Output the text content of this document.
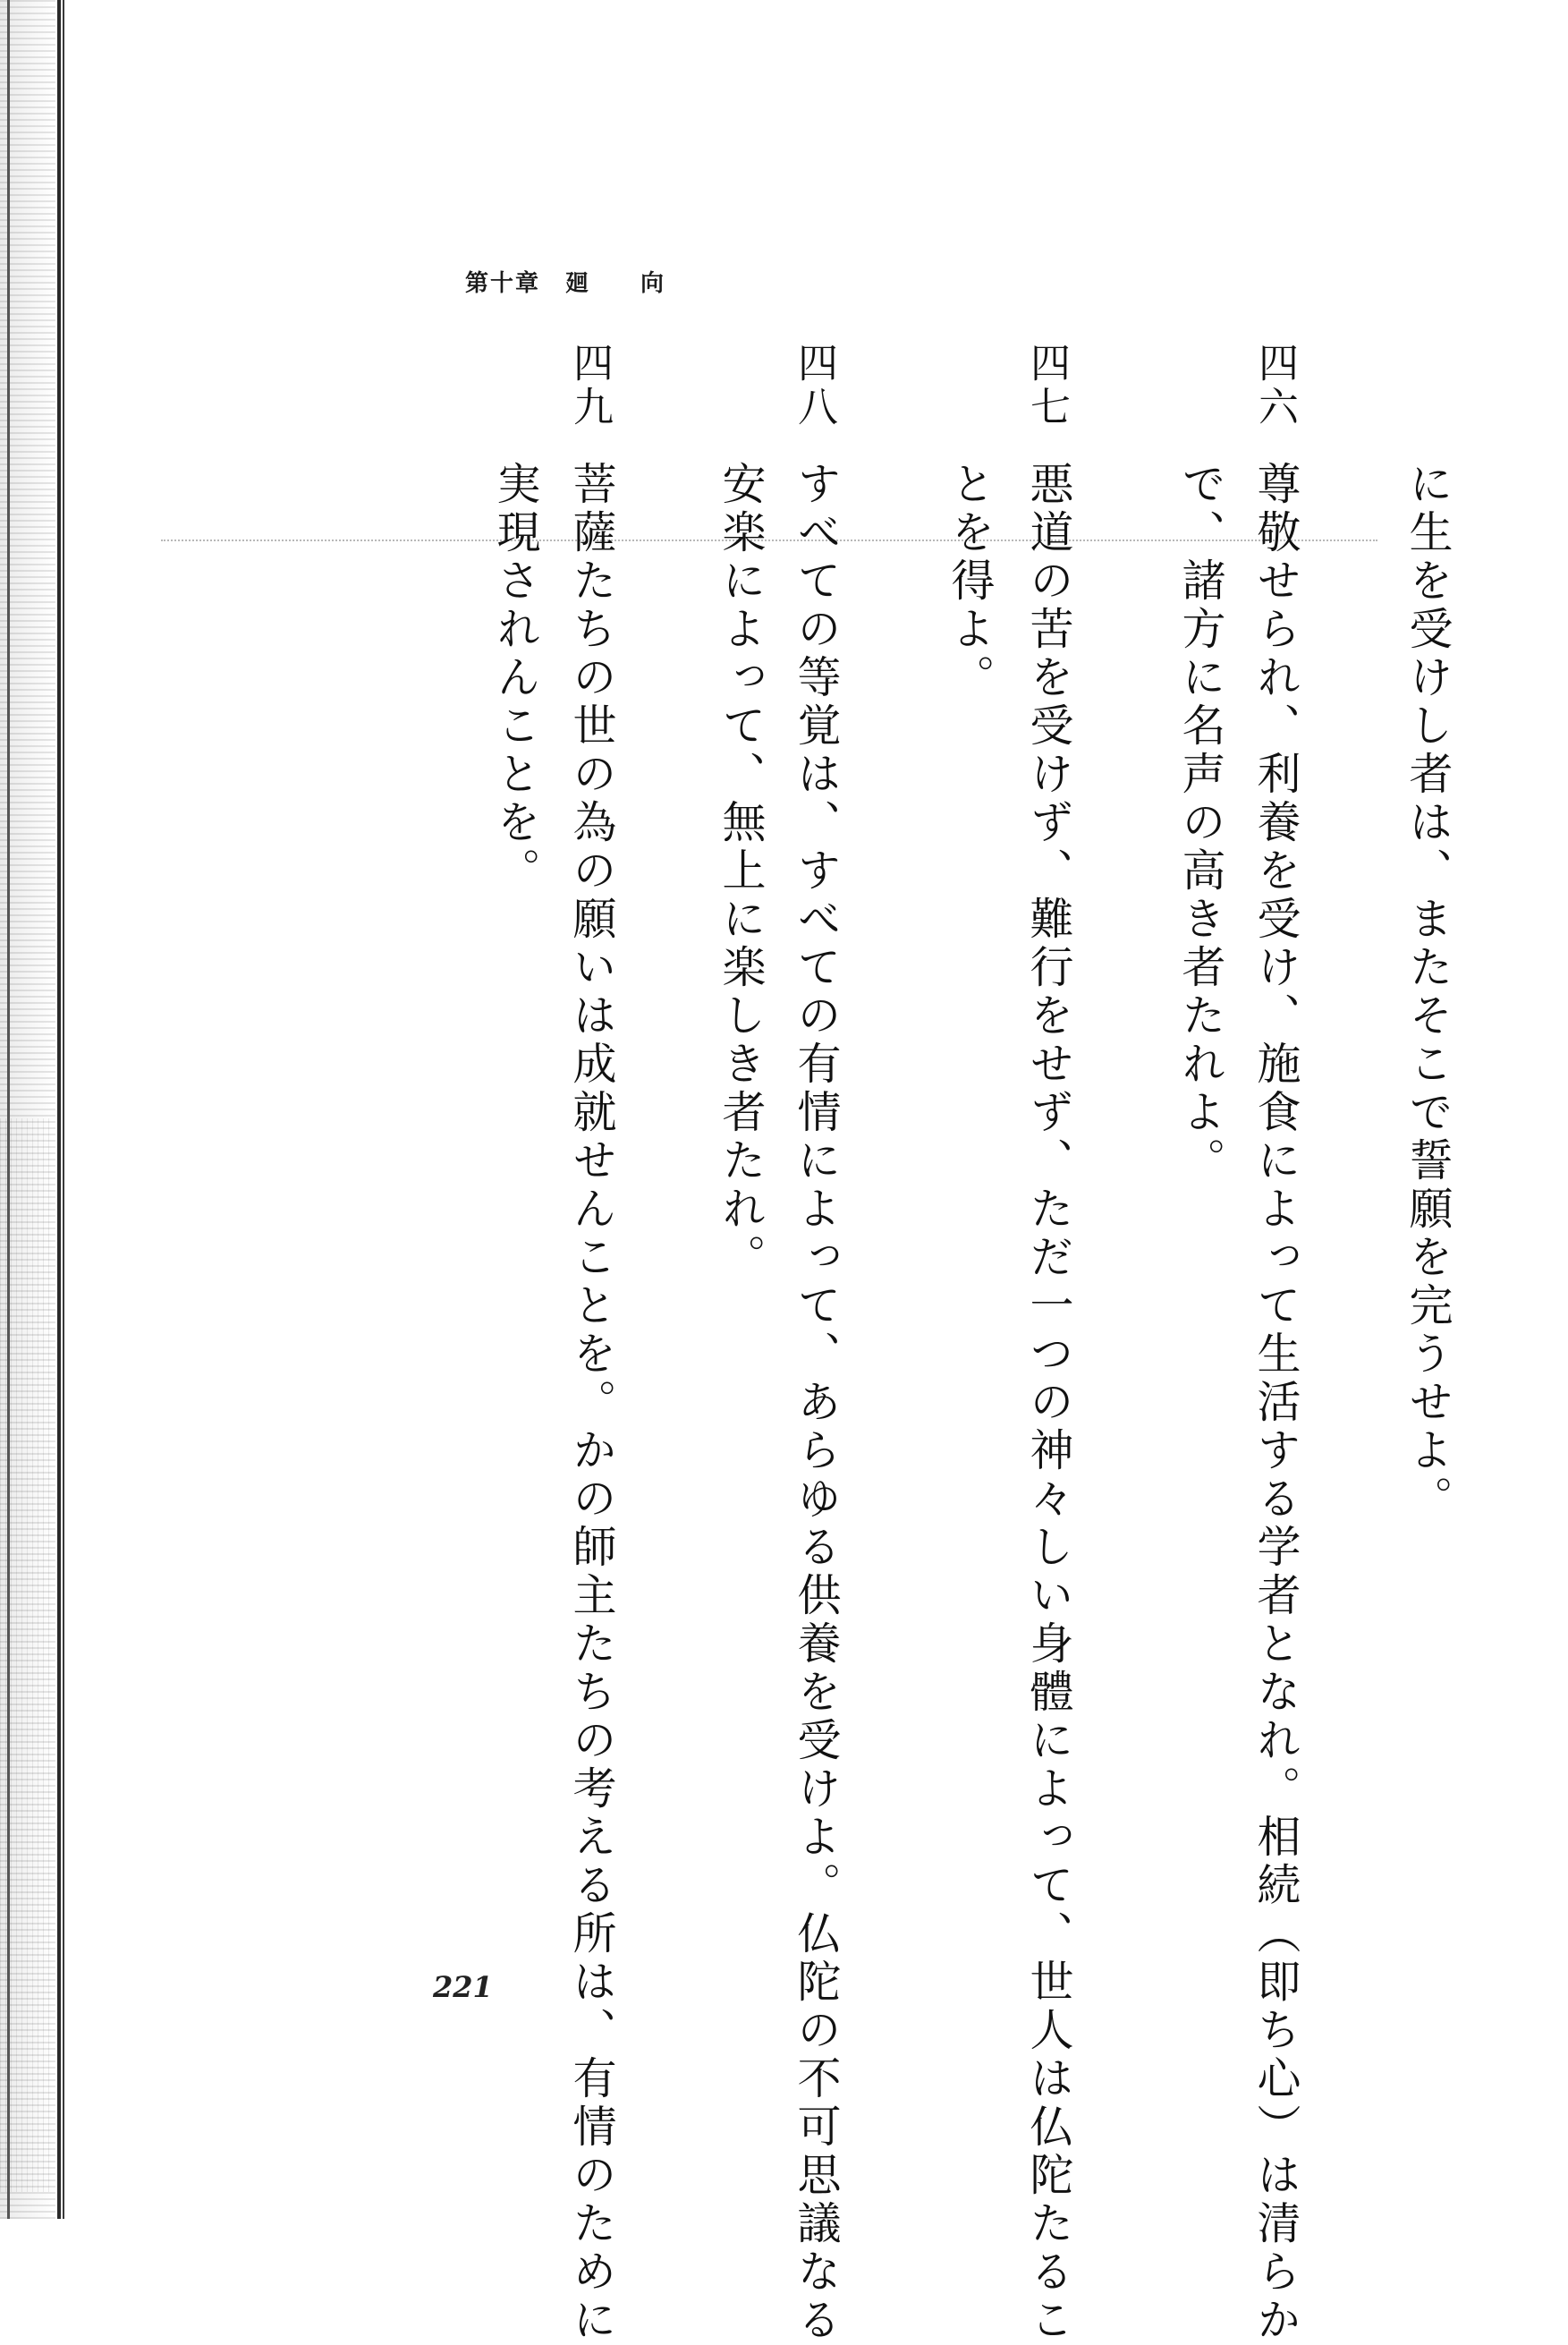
第十章　廻　　向
に生を受けし者は、またそこで誓願を完うせよ。
四六
尊敬せられ、利養を受け、施食によって生活する学者となれ。相続（即ち心）は清らか
で、諸方に名声の高き者たれよ。
四七
悪道の苦を受けず、難行をせず、ただ一つの神々しい身體によって、世人は仏陀たるこ
とを得よ。
四八
すべての等覚は、すべての有情によって、あらゆる供養を受けよ。仏陀の不可思議なる
安楽によって、無上に楽しき者たれ。
四九
菩薩たちの世の為の願いは成就せんことを。かの師主たちの考える所は、有情のために
実現されんことを。
221
